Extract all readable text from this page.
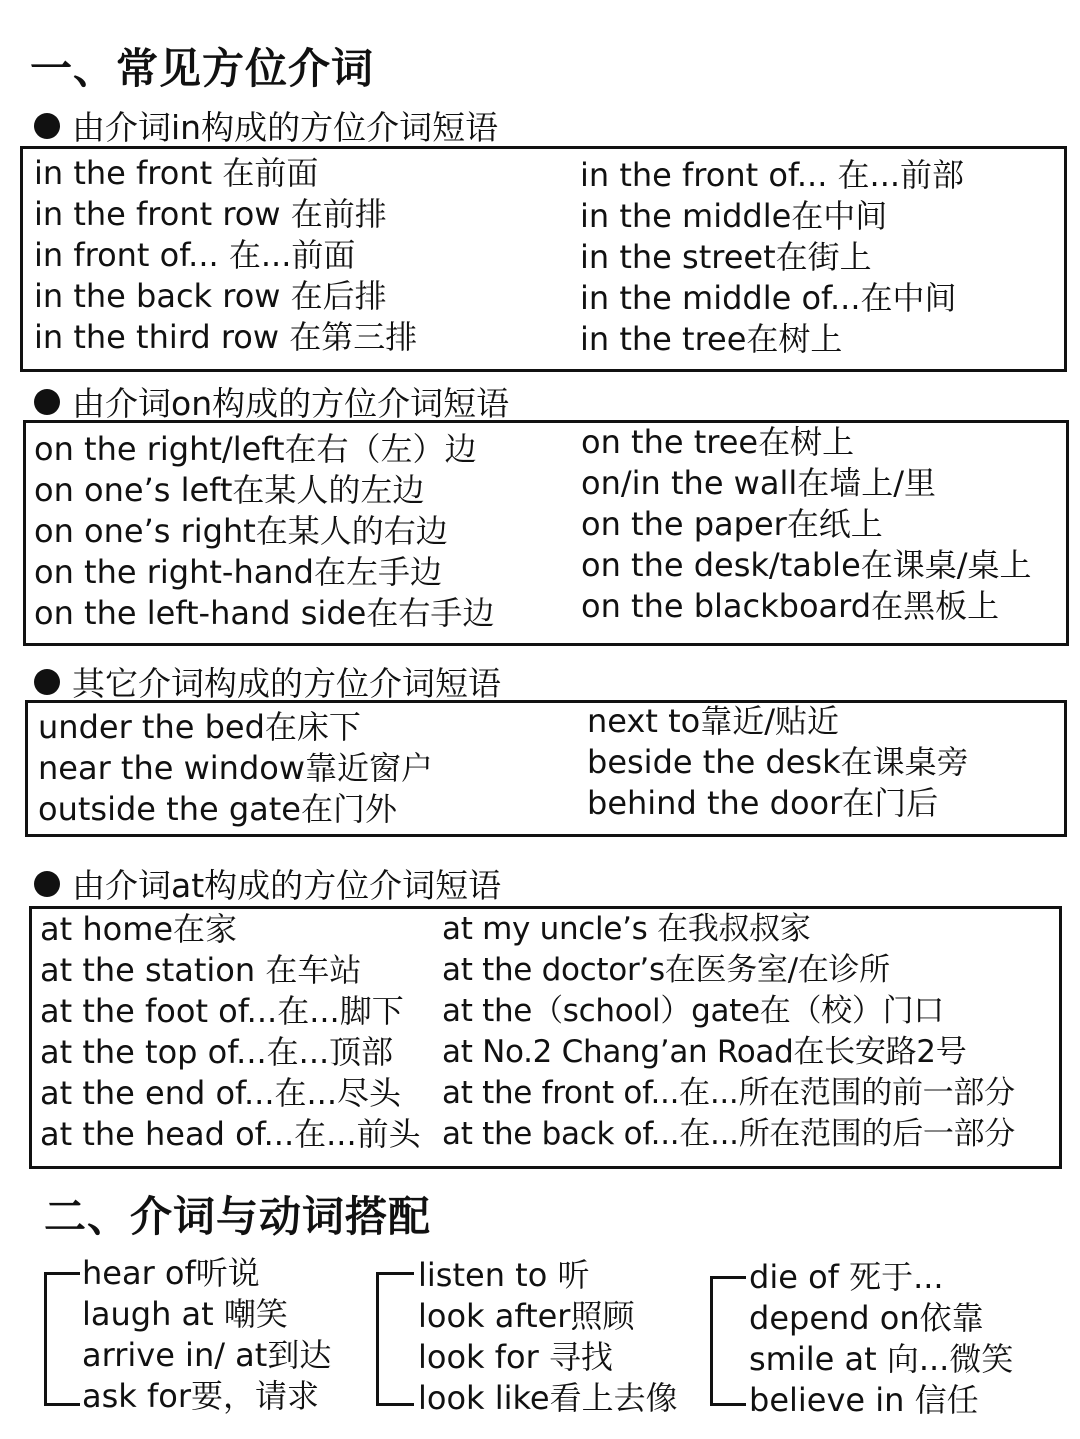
一、常见方位介词
由介词in构成的方位介词短语
in the front 在前面
in the front row 在前排
in front of... 在...前面
in the back row 在后排
in the third row 在第三排
in the front of... 在...前部
in the middle在中间
in the street在街上
in the middle of...在中间
in the tree在树上
由介词on构成的方位介词短语
on the right/left在右（左）边
on one’s left在某人的左边
on one’s right在某人的右边
on the right-hand在左手边
on the left-hand side在右手边
on the tree在树上
on/in the wall在墙上/里
on the paper在纸上
on the desk/table在课桌/桌上
on the blackboard在黑板上
其它介词构成的方位介词短语
under the bed在床下
near the window靠近窗户
outside the gate在门外
next to靠近/贴近
beside the desk在课桌旁
behind the door在门后
由介词at构成的方位介词短语
at home在家
at the station 在车站
at the foot of...在...脚下
at the top of...在...顶部
at the end of...在...尽头
at the head of...在...前头
at my uncle’s 在我叔叔家
at the doctor’s在医务室/在诊所
at the（school）gate在（校）门口
at No.2 Chang’an Road在长安路2号
at the front of...在...所在范围的前一部分
at the back of...在...所在范围的后一部分
二、介词与动词搭配
hear of听说
laugh at 嘲笑
arrive in/ at到达
ask for要，请求
listen to 听
look after照顾
look for 寻找
look like看上去像
die of 死于...
depend on依靠
smile at 向...微笑
believe in 信任
